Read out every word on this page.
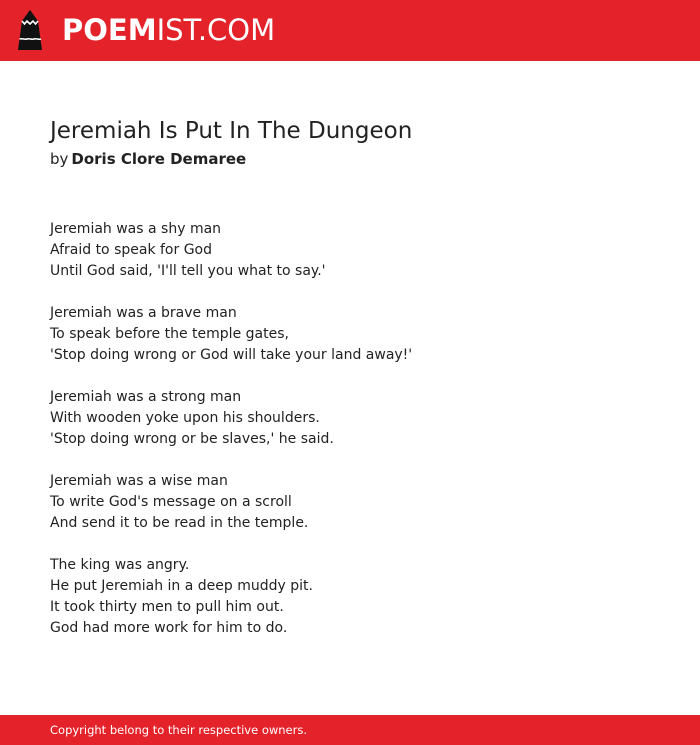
POEMIST.COM
Jeremiah Is Put In The Dungeon
by Doris Clore Demaree
Jeremiah was a shy man
Afraid to speak for God
Until God said, 'I'll tell you what to say.'
Jeremiah was a brave man
To speak before the temple gates,
'Stop doing wrong or God will take your land away!'
Jeremiah was a strong man
With wooden yoke upon his shoulders.
'Stop doing wrong or be slaves,' he said.
Jeremiah was a wise man
To write God's message on a scroll
And send it to be read in the temple.
The king was angry.
He put Jeremiah in a deep muddy pit.
It took thirty men to pull him out.
God had more work for him to do.
Copyright belong to their respective owners.
